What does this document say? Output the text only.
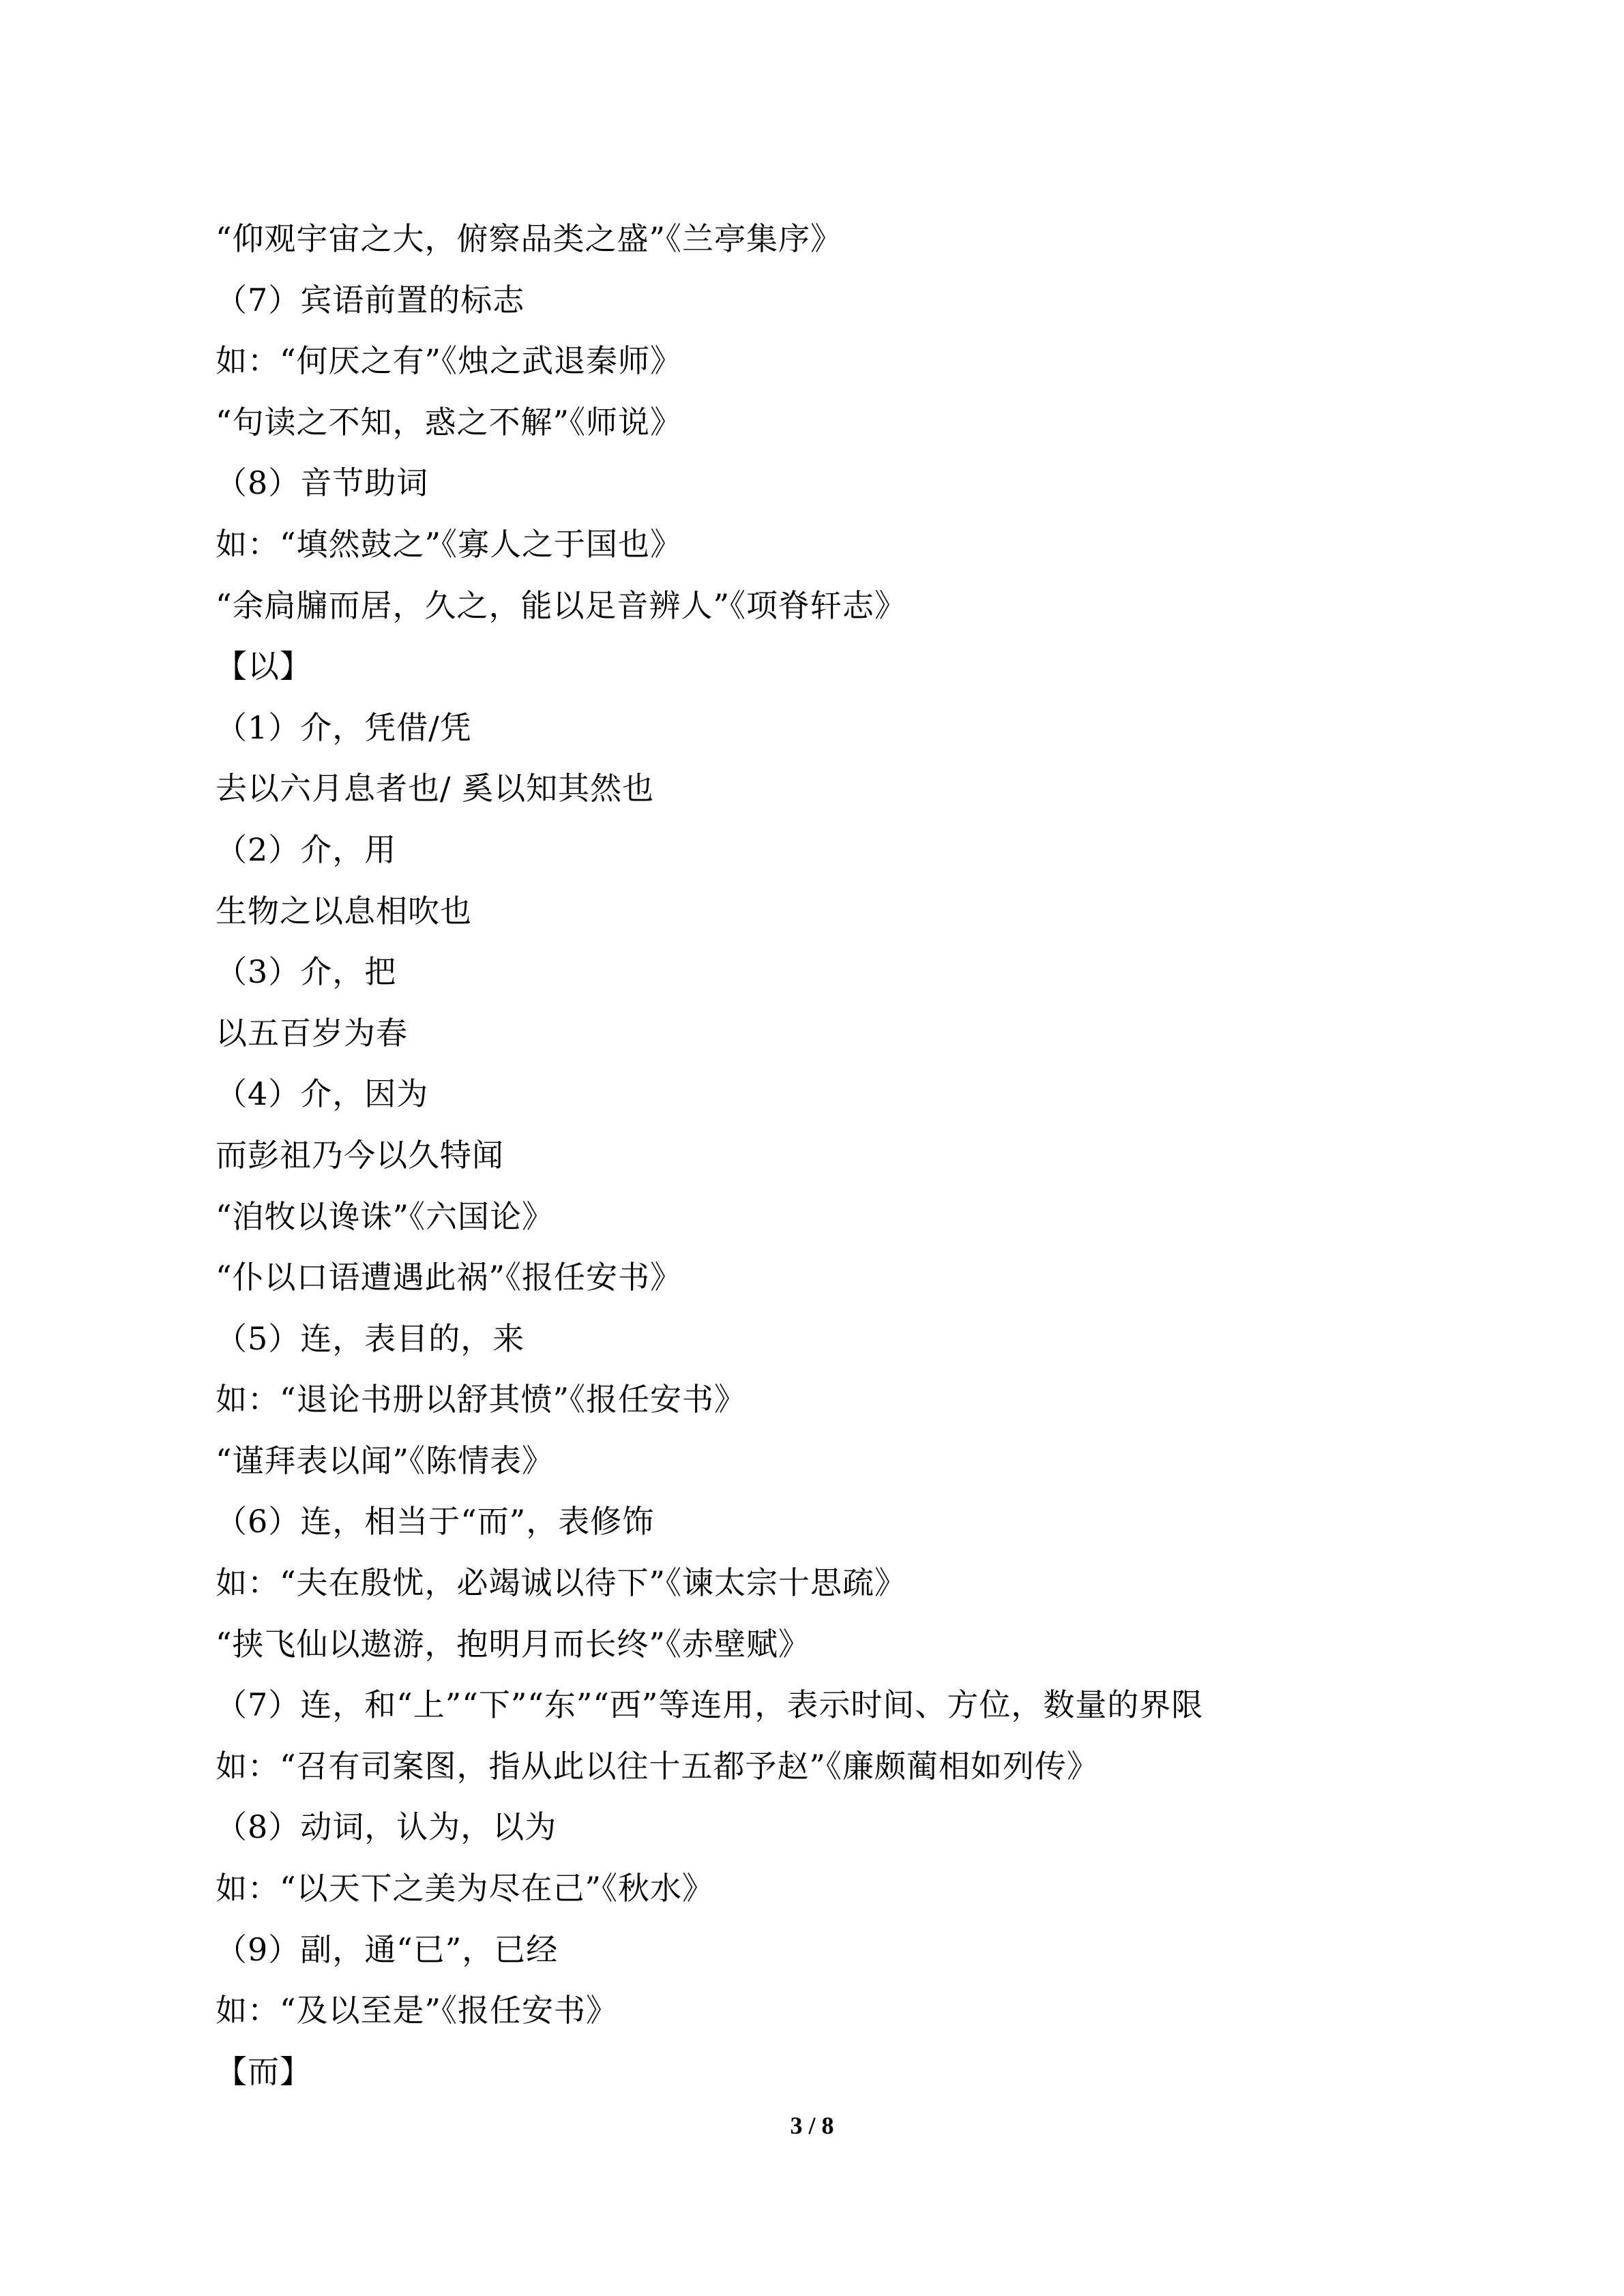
“仰观宇宙之大，俯察品类之盛”《兰亭集序》
（7）宾语前置的标志
如：“何厌之有”《烛之武退秦师》
“句读之不知，惑之不解”《师说》
（8）音节助词
如：“填然鼓之”《寡人之于国也》
“余扃牖而居，久之，能以足音辨人”《项脊轩志》
【以】
（1）介，凭借/凭
去以六月息者也/ 奚以知其然也
（2）介，用
生物之以息相吹也
（3）介，把
以五百岁为春
（4）介，因为
而彭祖乃今以久特闻
“洎牧以谗诛”《六国论》
“仆以口语遭遇此祸”《报任安书》
（5）连，表目的，来
如：“退论书册以舒其愤”《报任安书》
“谨拜表以闻”《陈情表》
（6）连，相当于“而”，表修饰
如：“夫在殷忧，必竭诚以待下”《谏太宗十思疏》
“挟飞仙以遨游，抱明月而长终”《赤壁赋》
（7）连，和“上”“下”“东”“西”等连用，表示时间、方位，数量的界限
如：“召有司案图，指从此以往十五都予赵”《廉颇蔺相如列传》
（8）动词，认为，以为
如：“以天下之美为尽在己”《秋水》
（9）副，通“已”，已经
如：“及以至是”《报任安书》
【而】
3 / 8
